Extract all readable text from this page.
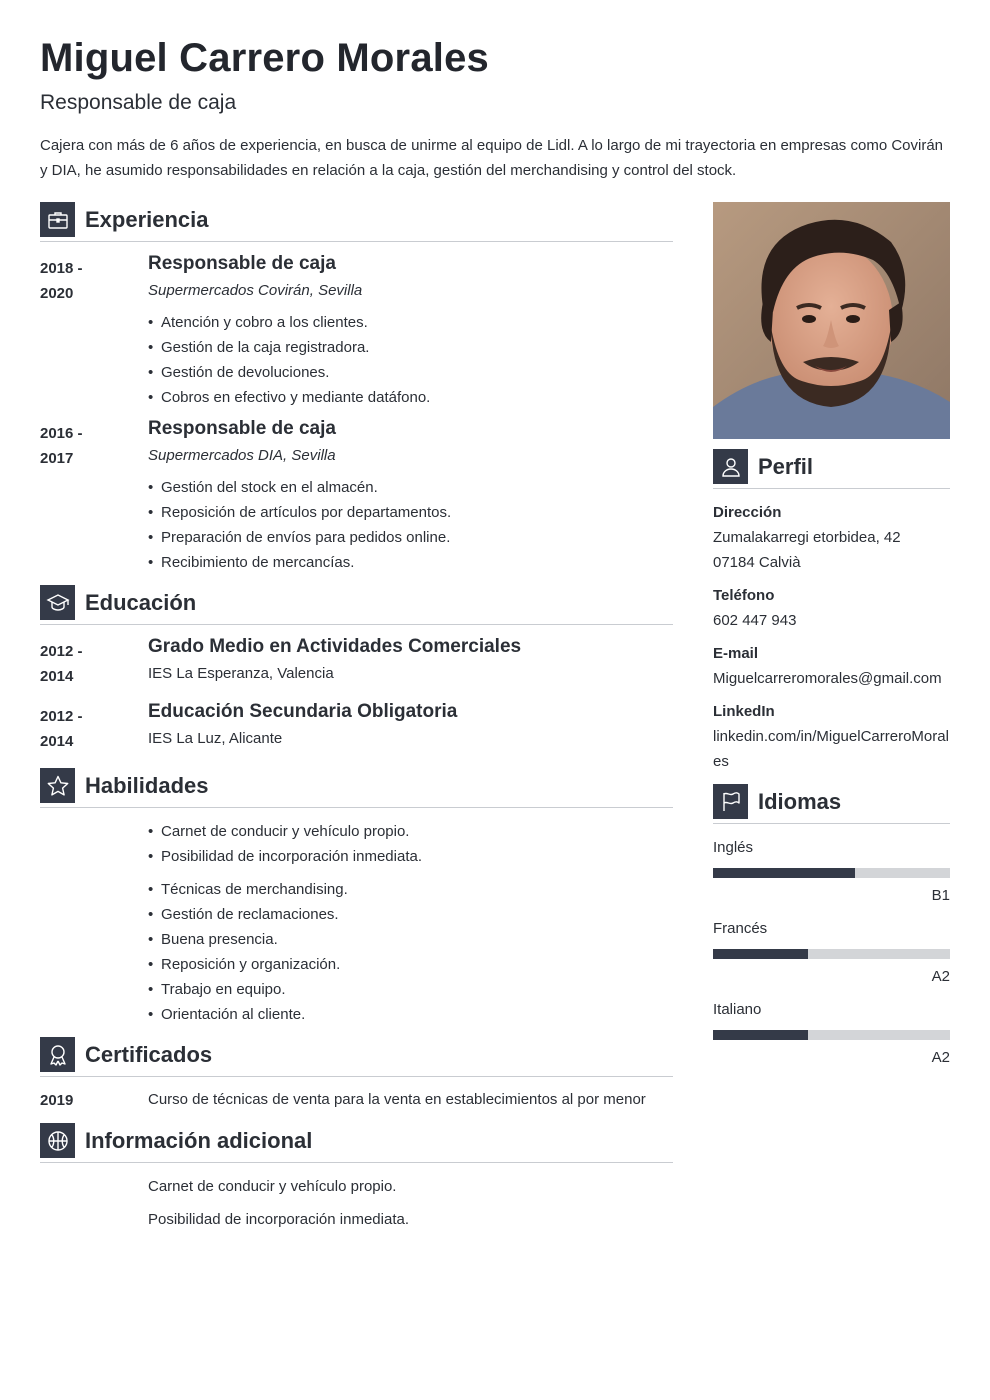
Miguel Carrero Morales
Responsable de caja
Cajera con más de 6 años de experiencia, en busca de unirme al equipo de Lidl. A lo largo de mi trayectoria en empresas como Covirán y DIA, he asumido responsabilidades en relación a la caja, gestión del merchandising y control del stock.
Experiencia
2018 -
2020
Responsable de caja
Supermercados Covirán, Sevilla
• Atención y cobro a los clientes.
• Gestión de la caja registradora.
• Gestión de devoluciones.
• Cobros en efectivo y mediante datáfono.
2016 -
2017
Responsable de caja
Supermercados DIA, Sevilla
• Gestión del stock en el almacén.
• Reposición de artículos por departamentos.
• Preparación de envíos para pedidos online.
• Recibimiento de mercancías.
Educación
2012 -
2014
Grado Medio en Actividades Comerciales
IES La Esperanza, Valencia
2012 -
2014
Educación Secundaria Obligatoria
IES La Luz, Alicante
Habilidades
• Carnet de conducir y vehículo propio.
• Posibilidad de incorporación inmediata.
• Técnicas de merchandising.
• Gestión de reclamaciones.
• Buena presencia.
• Reposición y organización.
• Trabajo en equipo.
• Orientación al cliente.
Certificados
2019	Curso de técnicas de venta para la venta en establecimientos al por menor
Información adicional
Carnet de conducir y vehículo propio.
Posibilidad de incorporación inmediata.
Perfil
Dirección
Zumalakarregi etorbidea, 42
07184 Calvià
Teléfono
602 447 943
E-mail
Miguelcarreromorales@gmail.com
LinkedIn
linkedin.com/in/MiguelCarreroMorales
Idiomas
Inglés
B1
Francés
A2
Italiano
A2
